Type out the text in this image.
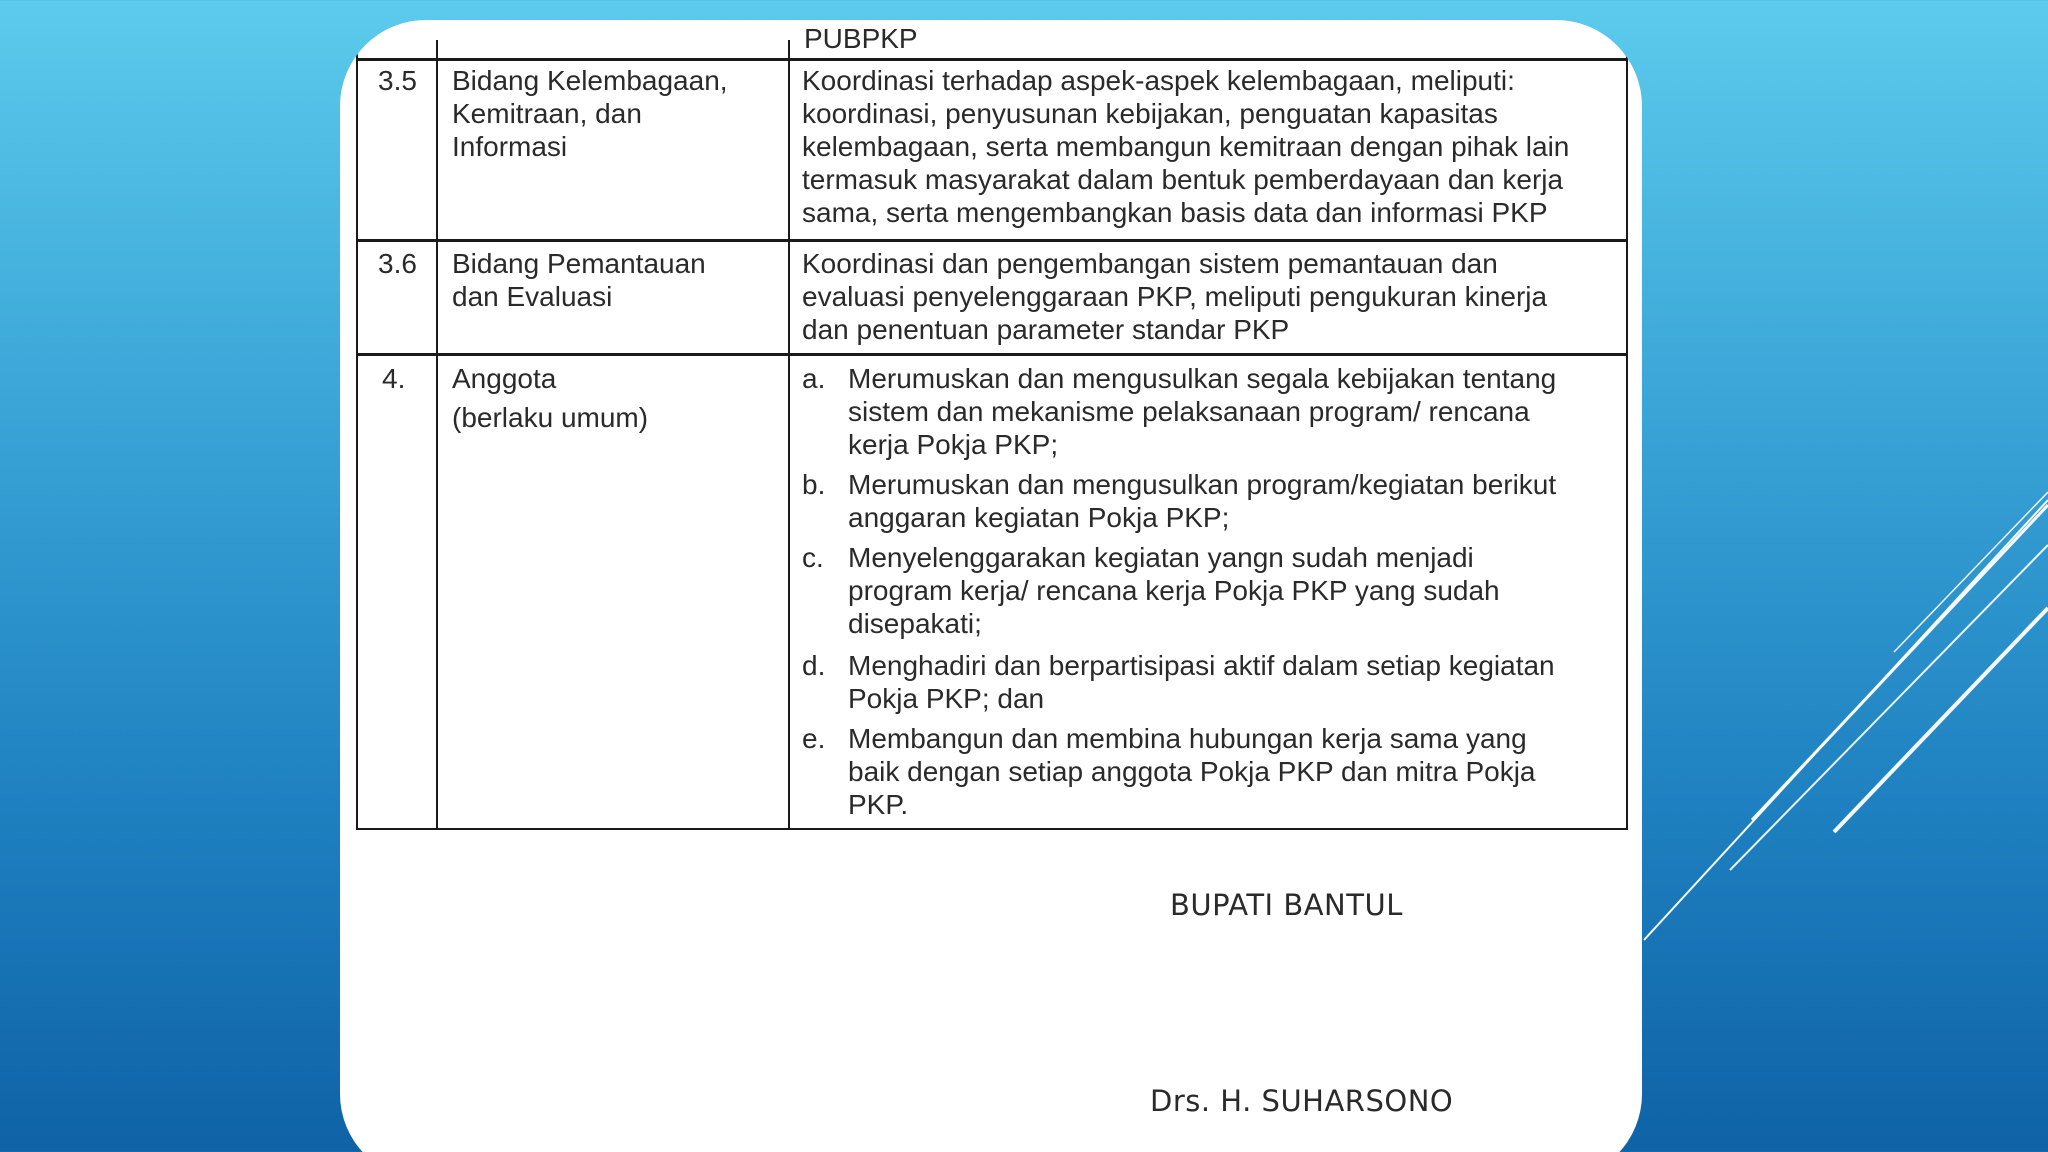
PUBPKP
3.5 Bidang Kelembagaan,
Kemitraan, dan
Informasi
Koordinasi terhadap aspek-aspek kelembagaan, meliputi:
koordinasi, penyusunan kebijakan, penguatan kapasitas
kelembagaan, serta membangun kemitraan dengan pihak lain
termasuk masyarakat dalam bentuk pemberdayaan dan kerja
sama, serta mengembangkan basis data dan informasi PKP
3.6 Bidang Pemantauan
dan Evaluasi
Koordinasi dan pengembangan sistem pemantauan dan
evaluasi penyelenggaraan PKP, meliputi pengukuran kinerja
dan penentuan parameter standar PKP
4. Anggota
(berlaku umum)
a. Merumuskan dan mengusulkan segala kebijakan tentang
sistem dan mekanisme pelaksanaan program/ rencana
kerja Pokja PKP;
b. Merumuskan dan mengusulkan program/kegiatan berikut
anggaran kegiatan Pokja PKP;
c. Menyelenggarakan kegiatan yangn sudah menjadi
program kerja/ rencana kerja Pokja PKP yang sudah
disepakati;
d. Menghadiri dan berpartisipasi aktif dalam setiap kegiatan
Pokja PKP; dan
e. Membangun dan membina hubungan kerja sama yang
baik dengan setiap anggota Pokja PKP dan mitra Pokja
PKP.
BUPATI BANTUL
Drs. H. SUHARSONO
